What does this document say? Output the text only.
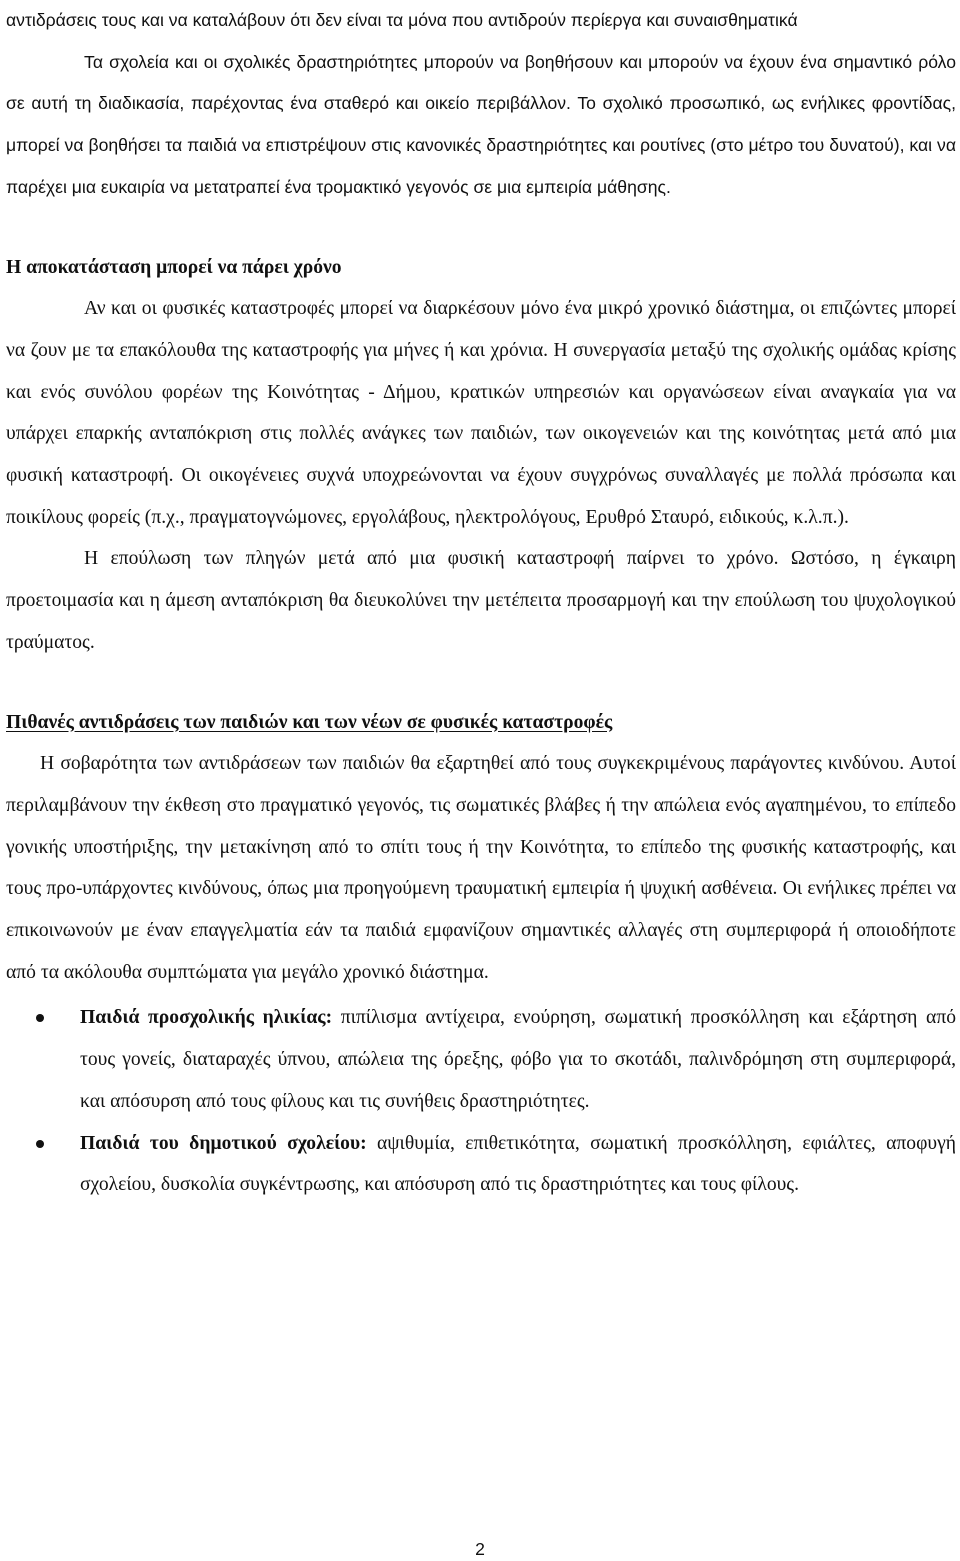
αντιδράσεις τους και να καταλάβουν ότι δεν είναι τα μόνα που αντιδρούν περίεργα και συναισθηματικά

Τα σχολεία και οι σχολικές δραστηριότητες μπορούν να βοηθήσουν και μπορούν να έχουν ένα σημαντικό ρόλο σε αυτή τη διαδικασία, παρέχοντας ένα σταθερό και οικείο περιβάλλον. Το σχολικό προσωπικό, ως ενήλικες φροντίδας, μπορεί να βοηθήσει τα παιδιά να επιστρέψουν στις κανονικές δραστηριότητες και ρουτίνες (στο μέτρο του δυνατού), και να παρέχει μια ευκαιρία να μετατραπεί ένα τρομακτικό γεγονός σε μια εμπειρία μάθησης.

Η αποκατάσταση μπορεί να πάρει χρόνο

Αν και οι φυσικές καταστροφές μπορεί να διαρκέσουν μόνο ένα μικρό χρονικό διάστημα, οι επιζώντες μπορεί να ζουν με τα επακόλουθα της καταστροφής για μήνες ή και χρόνια. Η συνεργασία μεταξύ της σχολικής ομάδας κρίσης και ενός συνόλου φορέων της Κοινότητας - Δήμου, κρατικών υπηρεσιών και οργανώσεων είναι αναγκαία για να υπάρχει επαρκής ανταπόκριση στις πολλές ανάγκες των παιδιών, των οικογενειών και της κοινότητας μετά από μια φυσική καταστροφή. Οι οικογένειες συχνά υποχρεώνονται να έχουν συγχρόνως συναλλαγές με πολλά πρόσωπα και ποικίλους φορείς (π.χ., πραγματογνώμονες, εργολάβους, ηλεκτρολόγους, Ερυθρό Σταυρό, ειδικούς, κ.λ.π.).

Η επούλωση των πληγών μετά από μια φυσική καταστροφή παίρνει το χρόνο. Ωστόσο, η έγκαιρη προετοιμασία και η άμεση ανταπόκριση θα διευκολύνει την μετέπειτα προσαρμογή και την επούλωση του ψυχολογικού τραύματος.

Πιθανές αντιδράσεις των παιδιών και των νέων σε φυσικές καταστροφές

Η σοβαρότητα των αντιδράσεων των παιδιών θα εξαρτηθεί από τους συγκεκριμένους παράγοντες κινδύνου. Αυτοί περιλαμβάνουν την έκθεση στο πραγματικό γεγονός, τις σωματικές βλάβες ή την απώλεια ενός αγαπημένου, το επίπεδο γονικής υποστήριξης, την μετακίνηση από το σπίτι τους ή την Κοινότητα, το επίπεδο της φυσικής καταστροφής, και τους προ-υπάρχοντες κινδύνους, όπως μια προηγούμενη τραυματική εμπειρία ή ψυχική ασθένεια. Οι ενήλικες πρέπει να επικοινωνούν με έναν επαγγελματία εάν τα παιδιά εμφανίζουν σημαντικές αλλαγές στη συμπεριφορά ή οποιοδήποτε από τα ακόλουθα συμπτώματα για μεγάλο χρονικό διάστημα.

Παιδιά προσχολικής ηλικίας: πιπίλισμα αντίχειρα, ενούρηση, σωματική προσκόλληση και εξάρτηση από τους γονείς, διαταραχές ύπνου, απώλεια της όρεξης, φόβο για το σκοτάδι, παλινδρόμηση στη συμπεριφορά, και απόσυρση από τους φίλους και τις συνήθεις δραστηριότητες.
Παιδιά του δημοτικού σχολείου: αψιθυμία, επιθετικότητα, σωματική προσκόλληση, εφιάλτες, αποφυγή σχολείου, δυσκολία συγκέντρωσης, και απόσυρση από τις δραστηριότητες και τους φίλους.
2
